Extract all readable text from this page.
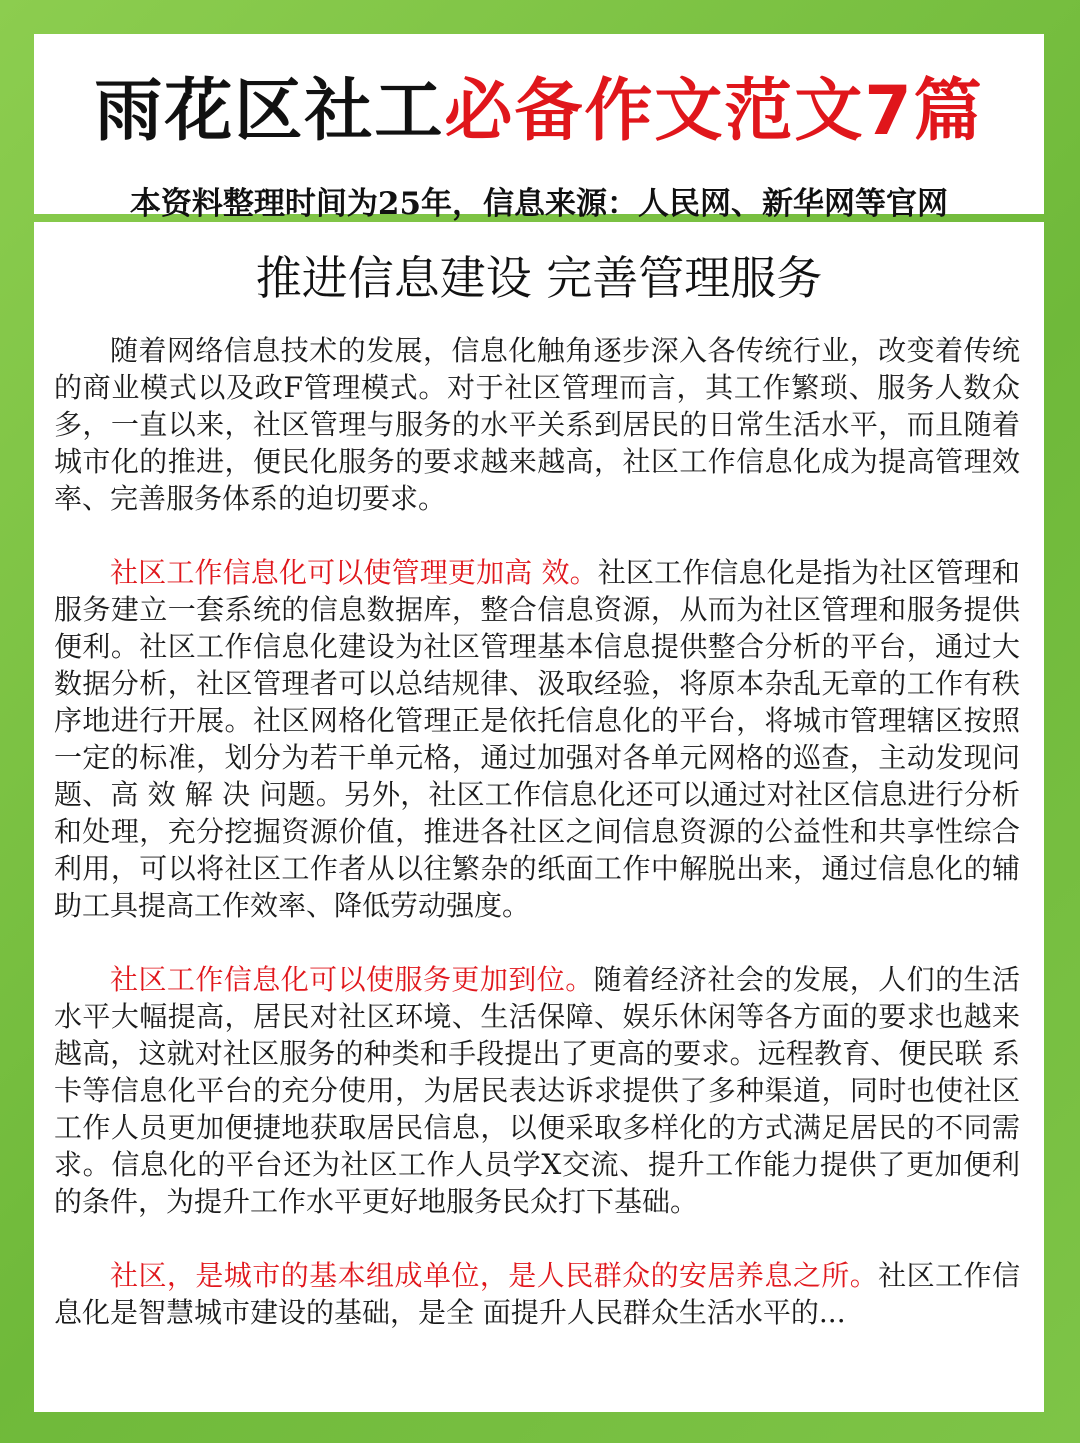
雨花区社工必备作文范文7篇
本资料整理时间为25年，信息来源：人民网、新华网等官网
推进信息建设 完善管理服务

随着网络信息技术的发展，信息化触角逐步深入各传统行业，改变着传统的商业模式以及政F管理模式。对于社区管理而言，其工作繁琐、服务人数众多，一直以来，社区管理与服务的水平关系到居民的日常生活水平，而且随着城市化的推进，便民化服务的要求越来越高，社区工作信息化成为提高管理效率、完善服务体系的迫切要求。

社区工作信息化可以使管理更加高 效。社区工作信息化是指为社区管理和服务建立一套系统的信息数据库，整合信息资源，从而为社区管理和服务提供便利。社区工作信息化建设为社区管理基本信息提供整合分析的平台，通过大数据分析，社区管理者可以总结规律、汲取经验，将原本杂乱无章的工作有秩序地进行开展。社区网格化管理正是依托信息化的平台，将城市管理辖区按照一定的标准，划分为若干单元格，通过加强对各单元网格的巡查，主动发现问题、高 效 解 决 问题。另外，社区工作信息化还可以通过对社区信息进行分析和处理，充分挖掘资源价值，推进各社区之间信息资源的公益性和共享性综合利用，可以将社区工作者从以往繁杂的纸面工作中解脱出来，通过信息化的辅助工具提高工作效率、降低劳动强度。

社区工作信息化可以使服务更加到位。随着经济社会的发展，人们的生活水平大幅提高，居民对社区环境、生活保障、娱乐休闲等各方面的要求也越来越高，这就对社区服务的种类和手段提出了更高的要求。远程教育、便民联 系 卡等信息化平台的充分使用，为居民表达诉求提供了多种渠道，同时也使社区工作人员更加便捷地获取居民信息，以便采取多样化的方式满足居民的不同需求。信息化的平台还为社区工作人员学X交流、提升工作能力提供了更加便利的条件，为提升工作水平更好地服务民众打下基础。

社区，是城市的基本组成单位，是人民群众的安居养息之所。社区工作信息化是智慧城市建设的基础，是全 面提升人民群众生活水平的...
